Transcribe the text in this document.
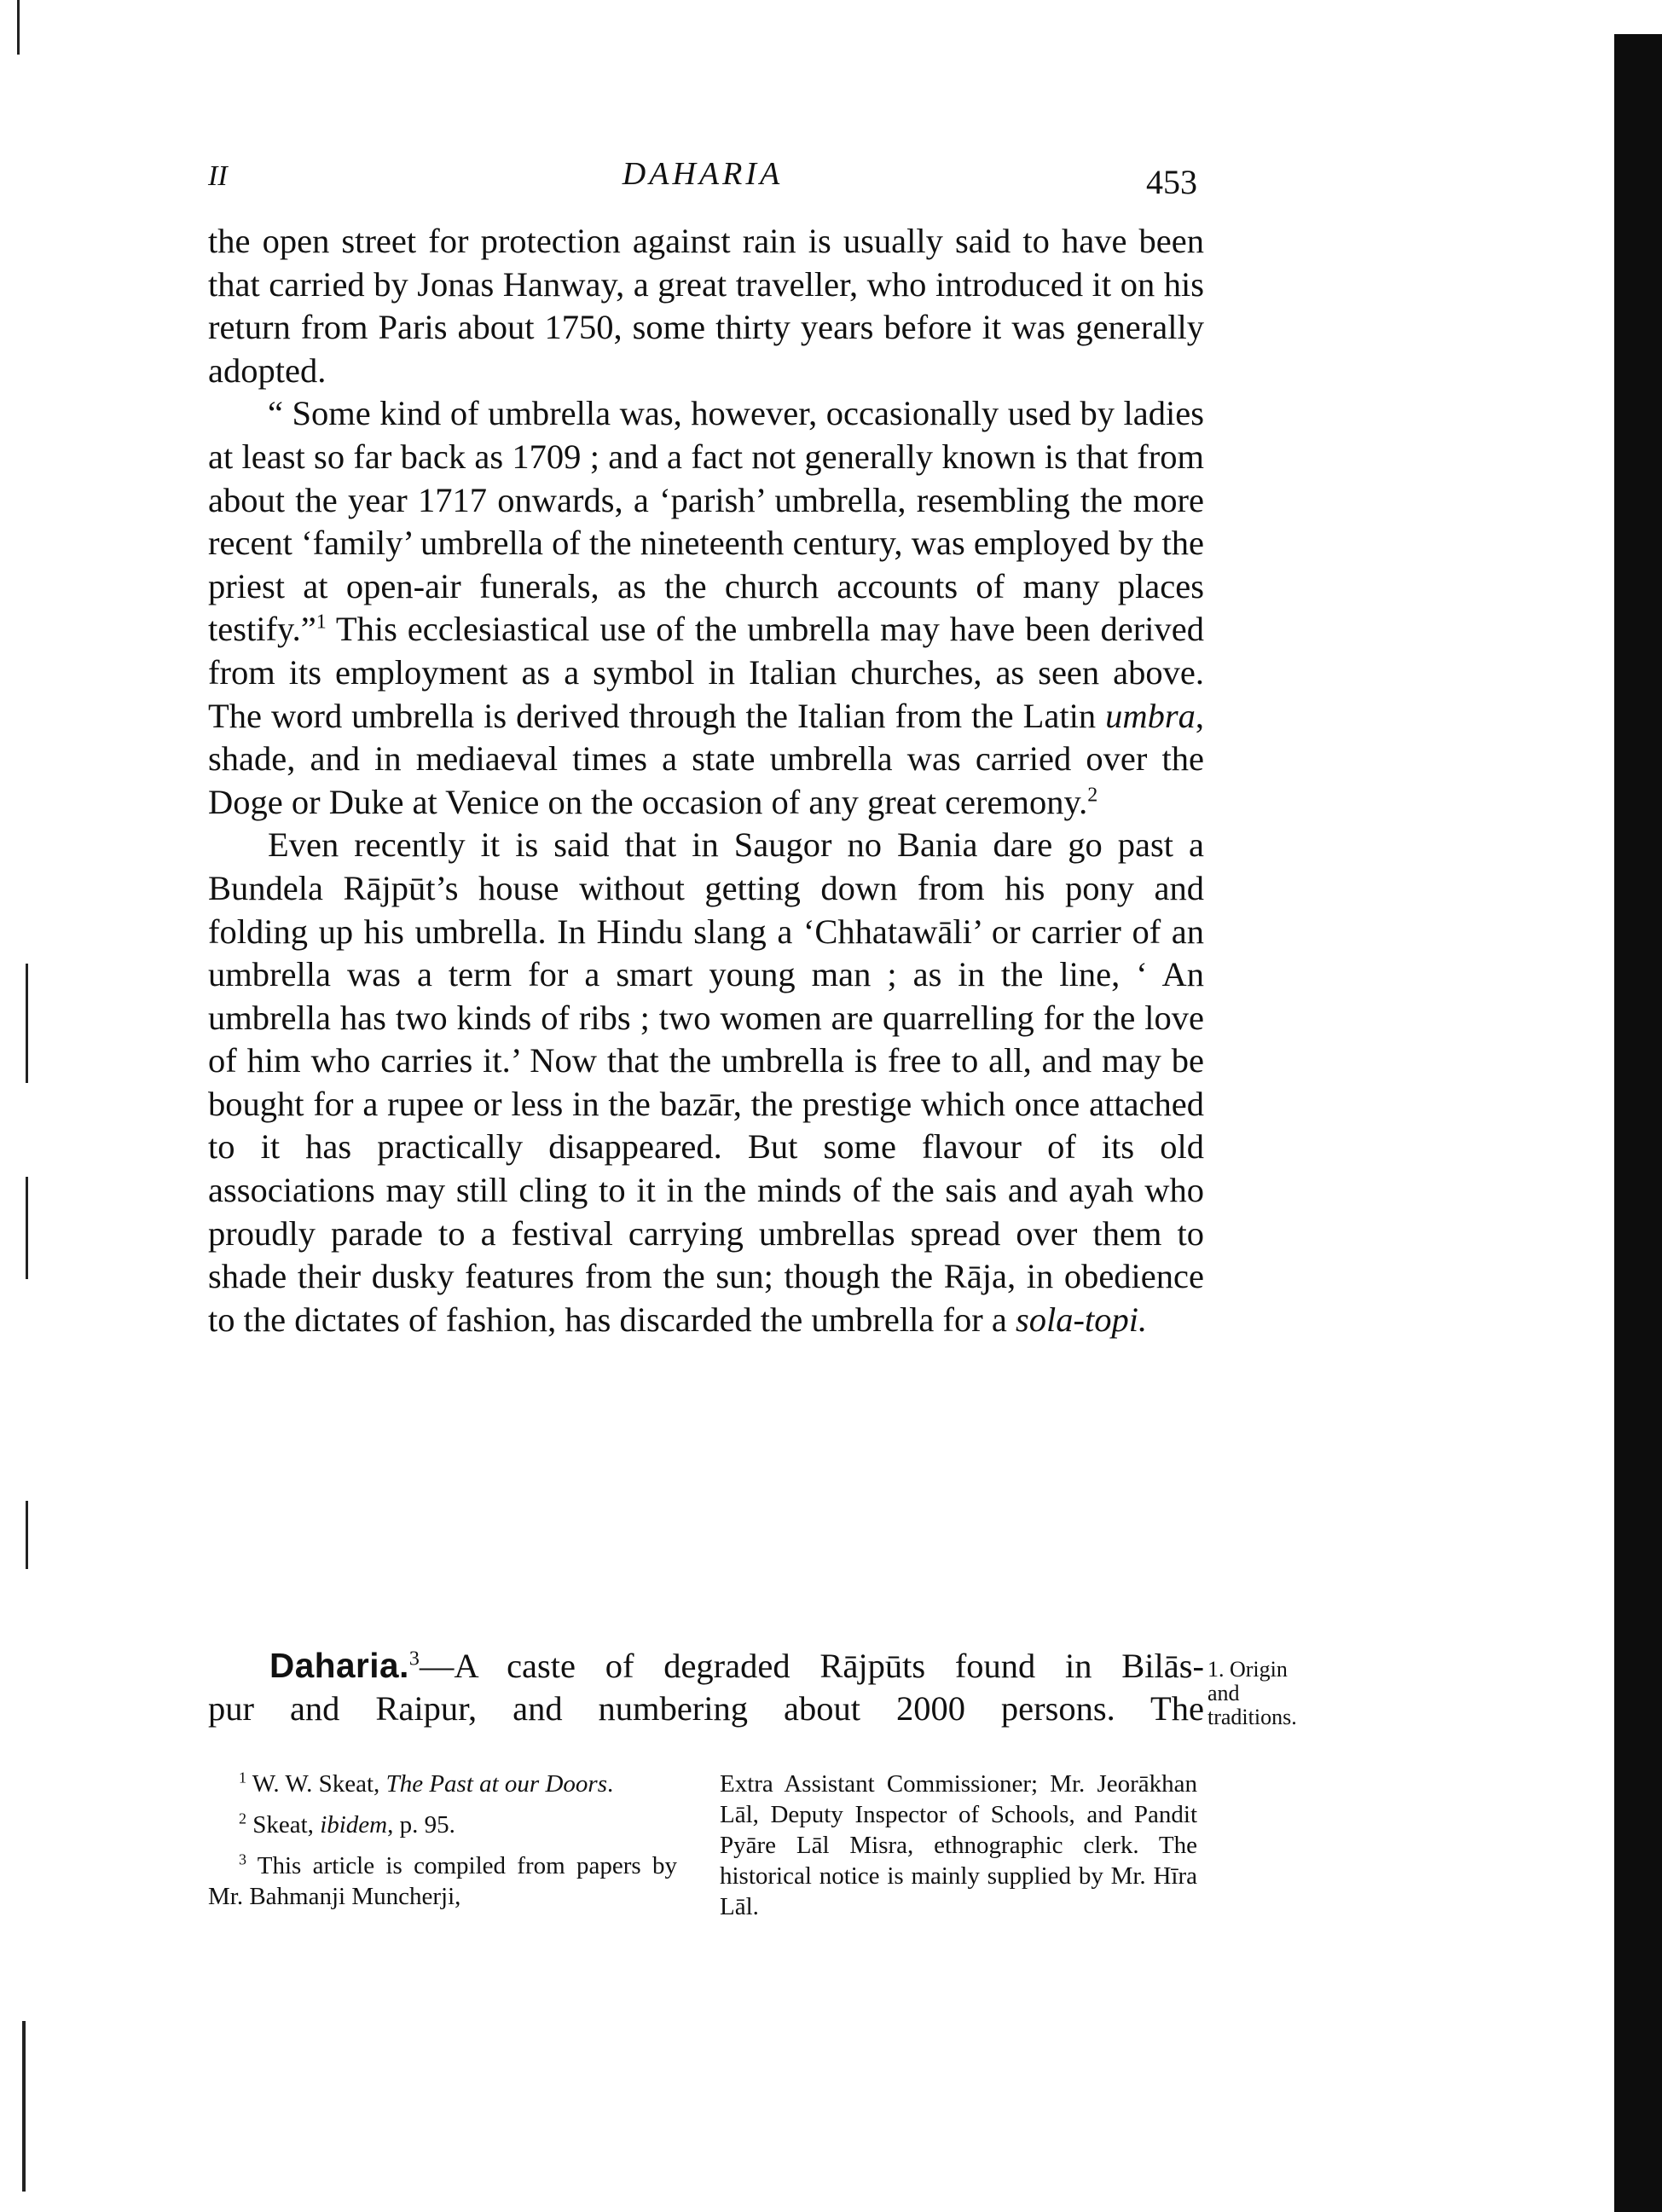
II	DAHARIA	453

the open street for protection against rain is usually said to have been that carried by Jonas Hanway, a great traveller, who introduced it on his return from Paris about 1750, some thirty years before it was generally adopted.

“ Some kind of umbrella was, however, occasionally used by ladies at least so far back as 1709 ; and a fact not generally known is that from about the year 1717 onwards, a ‘parish’ umbrella, resembling the more recent ‘family’ umbrella of the nineteenth century, was employed by the priest at open-air funerals, as the church accounts of many places testify.”$^1$ This ecclesiastical use of the umbrella may have been derived from its employment as a symbol in Italian churches, as seen above. The word umbrella is derived through the Italian from the Latin umbra, shade, and in mediaeval times a state umbrella was carried over the Doge or Duke at Venice on the occasion of any great ceremony.$^2$

Even recently it is said that in Saugor no Bania dare go past a Bundela Rājpūt’s house without getting down from his pony and folding up his umbrella. In Hindu slang a ‘Chhatawāli’ or carrier of an umbrella was a term for a smart young man ; as in the line, ‘ An umbrella has two kinds of ribs ; two women are quarrelling for the love of him who carries it.’ Now that the umbrella is free to all, and may be bought for a rupee or less in the bazār, the prestige which once attached to it has practically disappeared. But some flavour of its old associations may still cling to it in the minds of the sais and ayah who proudly parade to a festival carrying umbrellas spread over them to shade their dusky features from the sun; though the Rāja, in obedience to the dictates of fashion, has discarded the umbrella for a sola-topi.

Daharia.$^3$—A caste of degraded Rājpūts found in Bilās-
pur and Raipur, and numbering about 2000 persons. The
1. Origin
and
traditions.

$^1$ W. W. Skeat, The Past at our Doors.

$^2$ Skeat, ibidem, p. 95.

$^3$ This article is compiled from papers by Mr. Bahmanji Muncherji,

Extra Assistant Commissioner; Mr. Jeorākhan Lāl, Deputy Inspector of Schools, and Pandit Pyāre Lāl Misra, ethnographic clerk. The historical notice is mainly supplied by Mr. Hīra Lāl.
